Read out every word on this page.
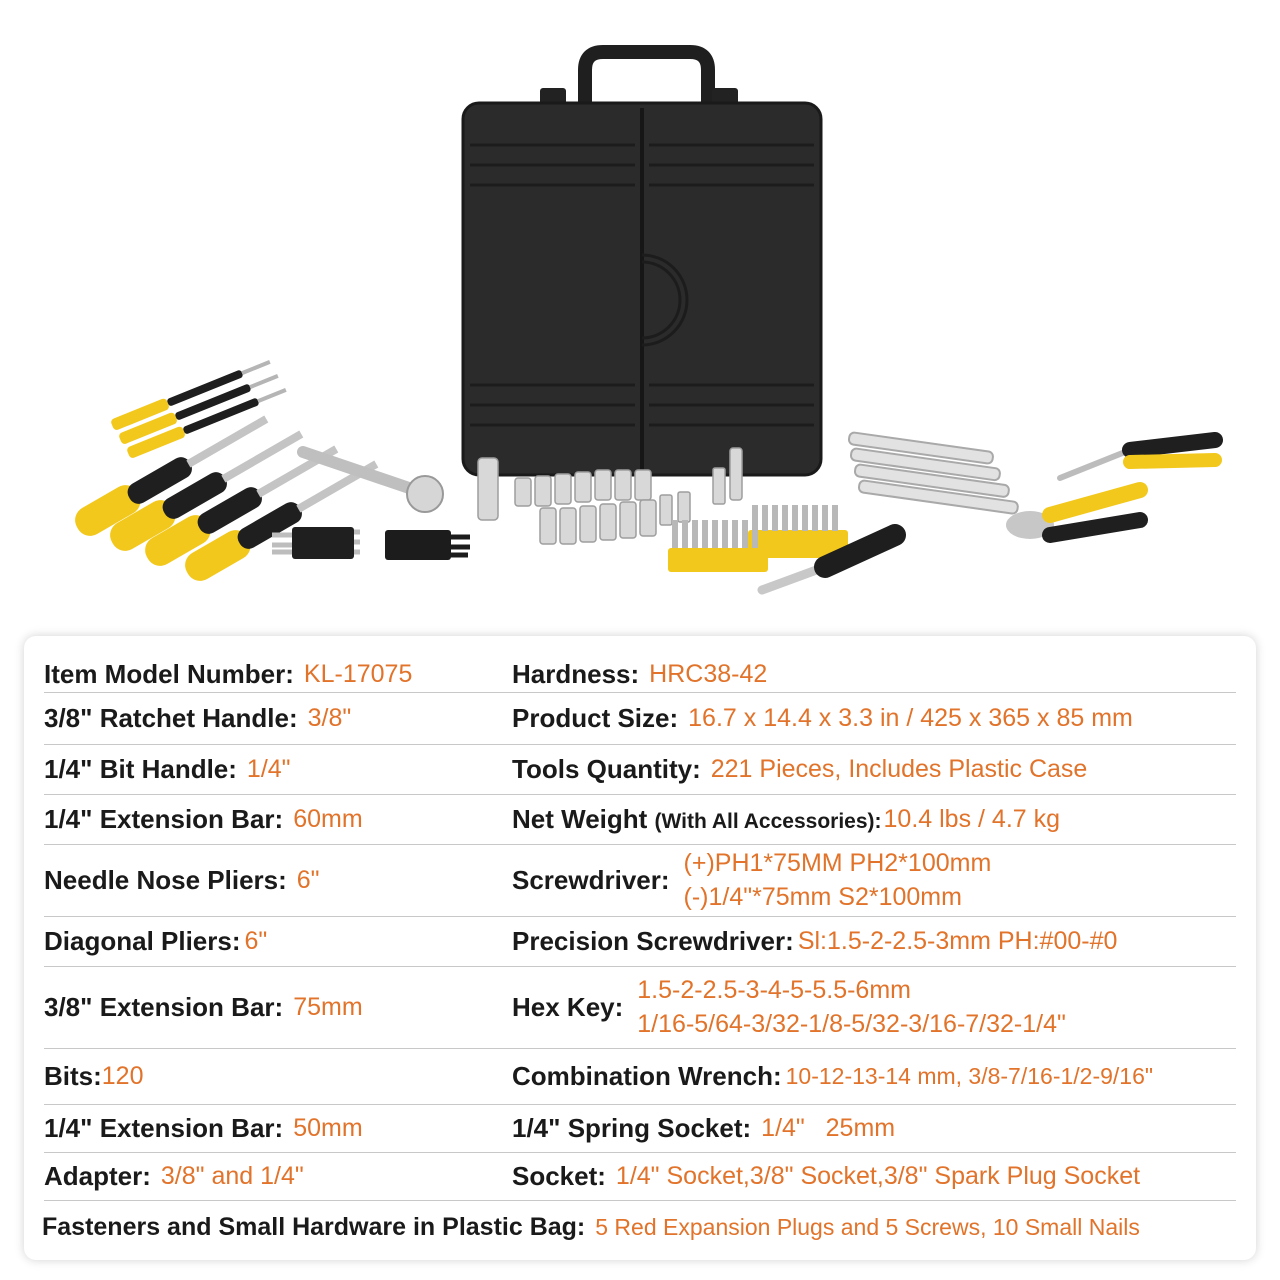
Item Model Number: KL-17075	Hardness: HRC38-42
3/8" Ratchet Handle: 3/8"	Product Size: 16.7 x 14.4 x 3.3 in / 425 x 365 x 85 mm
1/4" Bit Handle: 1/4"	Tools Quantity: 221 Pieces, Includes Plastic Case
1/4" Extension Bar: 60mm	Net Weight (With All Accessories): 10.4 lbs / 4.7 kg
Needle Nose Pliers: 6"	Screwdriver:
(+)PH1*75MM PH2*100mm
(-)1/4"*75mm S2*100mm
Diagonal Pliers: 6"	Precision Screwdriver: Sl:1.5-2-2.5-3mm PH:#00-#0
3/8" Extension Bar: 75mm	Hex Key:
1.5-2-2.5-3-4-5-5.5-6mm
1/16-5/64-3/32-1/8-5/32-3/16-7/32-1/4"
Bits: 120	Combination Wrench: 10-12-13-14 mm, 3/8-7/16-1/2-9/16"
1/4" Extension Bar: 50mm	1/4" Spring Socket: 1/4"   25mm
Adapter: 3/8" and 1/4"	Socket: 1/4" Socket,3/8" Socket,3/8" Spark Plug Socket
Fasteners and Small Hardware in Plastic Bag: 5 Red Expansion Plugs and 5 Screws, 10 Small Nails
